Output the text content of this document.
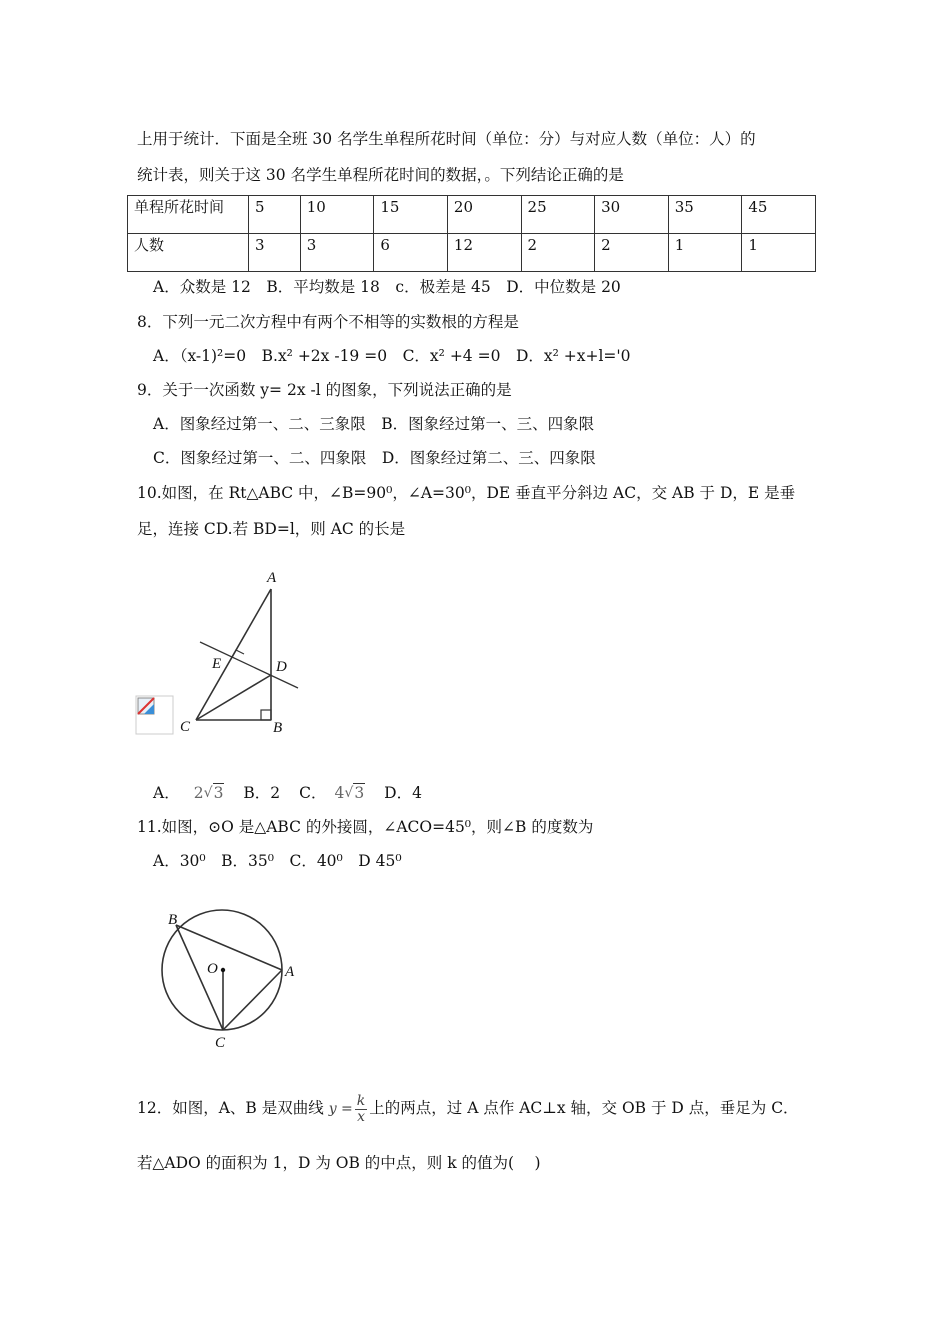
上用于统计．下面是全班 30 名学生单程所花时间（单位：分）与对应人数（单位：人）的
统计表，则关于这 30 名学生单程所花时间的数据，。下列结论正确的是
单程所花时间	5	10	15	20	25	30	35	45
人数	3	3	6	12	2	2	1	1
A．众数是 12　B．平均数是 18　c．极差是 45　D．中位数是 20
8．下列一元二次方程中有两个不相等的实数根的方程是
A．（x-1)²=0　B.x² +2x -19 =0　C．x² +4 =0　D．x² +x+l='0
9．关于一次函数 y= 2x -l 的图象，下列说法正确的是
A．图象经过第一、二、三象限　B．图象经过第一、三、四象限
C．图象经过第一、二、四象限　D．图象经过第二、三、四象限
10.如图，在 Rt△ABC 中，∠B=90⁰，∠A=30⁰，DE 垂直平分斜边 AC，交 AB 于 D，E 是垂
足，连接 CD.若 BD=l，则 AC 的长是
A
E	D
C	B
A． 2 √ 3 B．2 C． 4 √ 3 D．4
11.如图，⊙O 是△ABC 的外接圆，∠ACO=45⁰，则∠B 的度数为
A．30⁰　B．35⁰　C．40⁰　D 45⁰
B
O	A
C
12．如图，A、B 是双曲线 $y = \frac{k}{x}$ 上的两点，过 A 点作 AC⊥x 轴，交 OB 于 D 点，垂足为 C．
若△ADO 的面积为 1，D 为 OB 的中点，则 k 的值为(　 )
